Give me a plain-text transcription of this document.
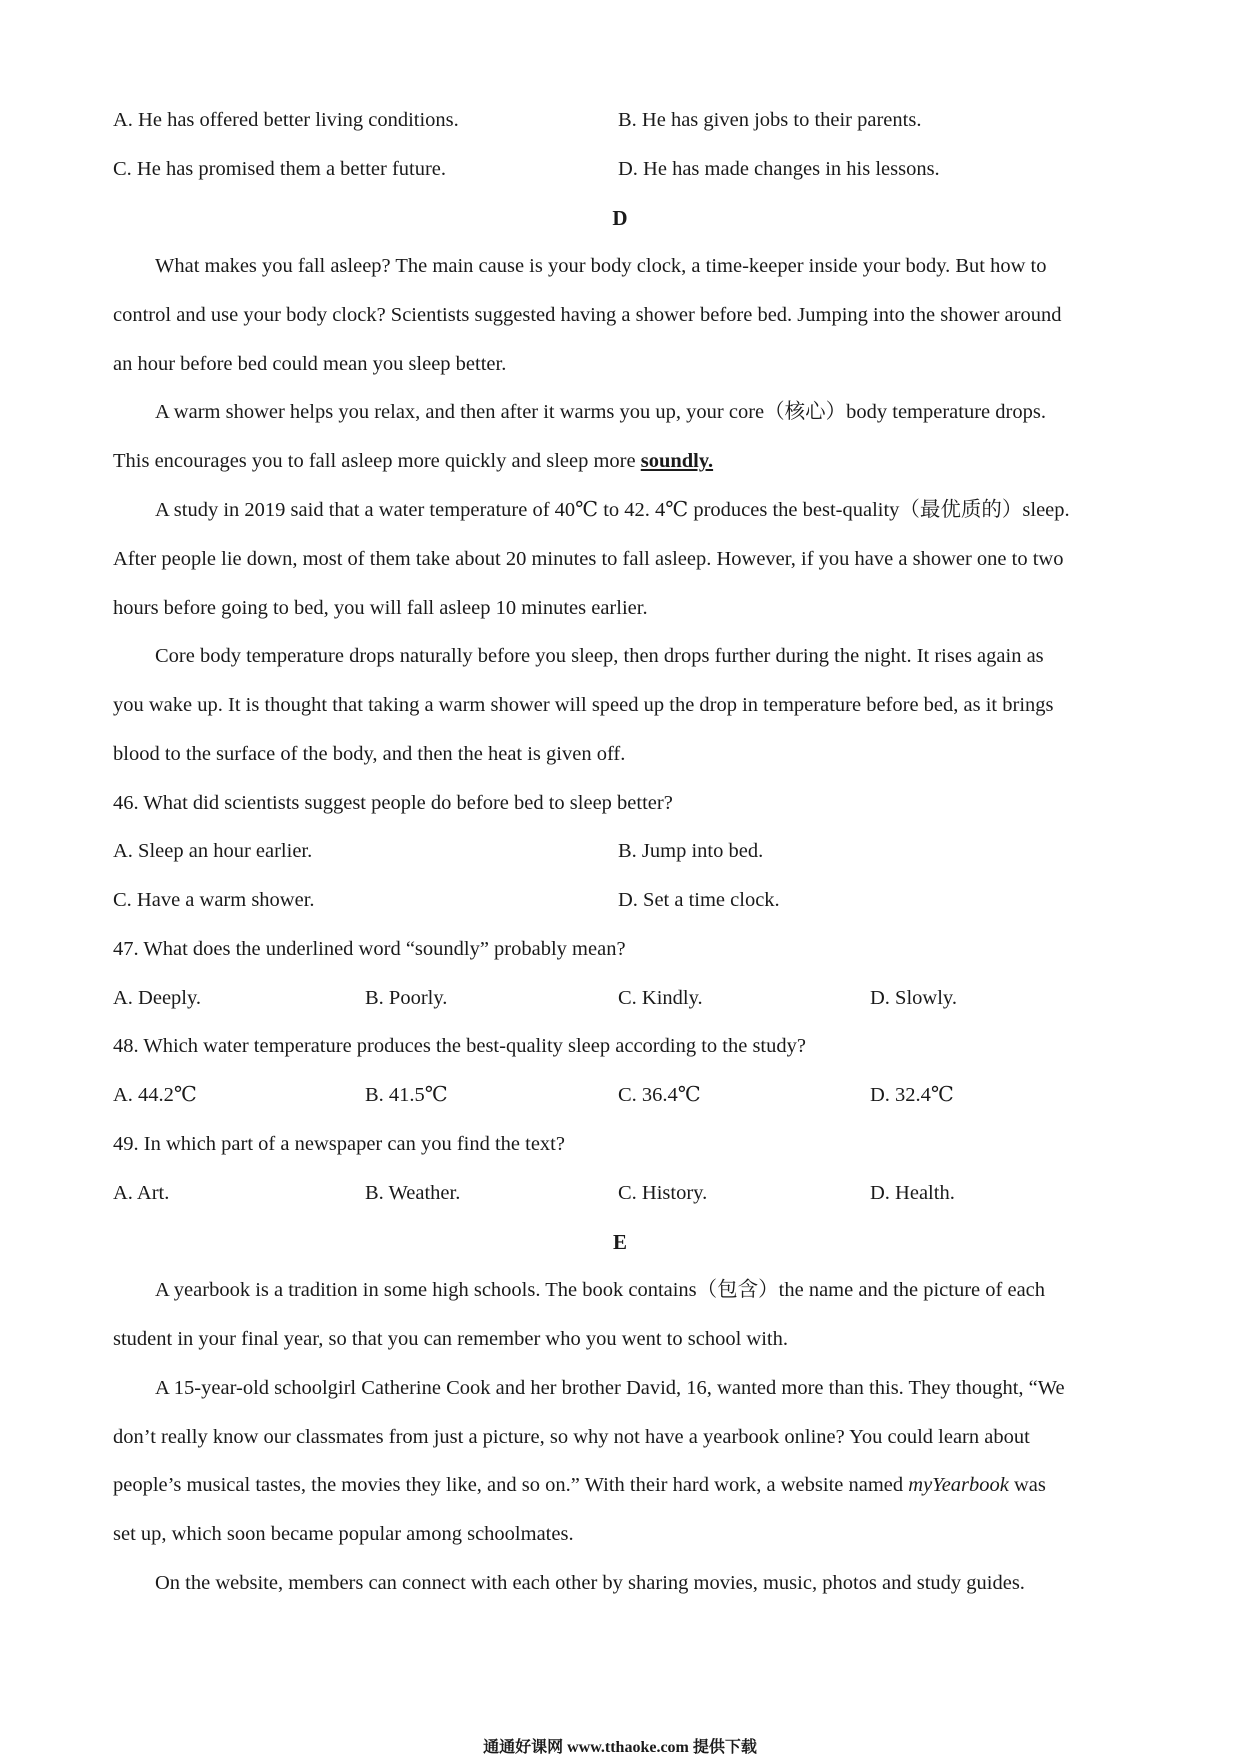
A. He has offered better living conditions.	B. He has given jobs to their parents.
C. He has promised them a better future.	D. He has made changes in his lessons.
D
What makes you fall asleep? The main cause is your body clock, a time-keeper inside your body. But how to
control and use your body clock? Scientists suggested having a shower before bed. Jumping into the shower around
an hour before bed could mean you sleep better.
A warm shower helps you relax, and then after it warms you up, your core（核心）body temperature drops.
This encourages you to fall asleep more quickly and sleep more soundly.
A study in 2019 said that a water temperature of 40℃ to 42. 4℃ produces the best-quality（最优质的）sleep.
After people lie down, most of them take about 20 minutes to fall asleep. However, if you have a shower one to two
hours before going to bed, you will fall asleep 10 minutes earlier.
Core body temperature drops naturally before you sleep, then drops further during the night. It rises again as
you wake up. It is thought that taking a warm shower will speed up the drop in temperature before bed, as it brings
blood to the surface of the body, and then the heat is given off.
46. What did scientists suggest people do before bed to sleep better?
A. Sleep an hour earlier.	B. Jump into bed.
C. Have a warm shower.	D. Set a time clock.
47. What does the underlined word “soundly” probably mean?
A. Deeply.	B. Poorly.	C. Kindly.	D. Slowly.
48. Which water temperature produces the best-quality sleep according to the study?
A. 44.2℃	B. 41.5℃	C. 36.4℃	D. 32.4℃
49. In which part of a newspaper can you find the text?
A. Art.	B. Weather.	C. History.	D. Health.
E
A yearbook is a tradition in some high schools. The book contains（包含）the name and the picture of each
student in your final year, so that you can remember who you went to school with.
A 15-year-old schoolgirl Catherine Cook and her brother David, 16, wanted more than this. They thought, “We
don’t really know our classmates from just a picture, so why not have a yearbook online? You could learn about
people’s musical tastes, the movies they like, and so on.” With their hard work, a website named myYearbook was
set up, which soon became popular among schoolmates.
On the website, members can connect with each other by sharing movies, music, photos and study guides.
通通好课网 www.tthaoke.com 提供下载
